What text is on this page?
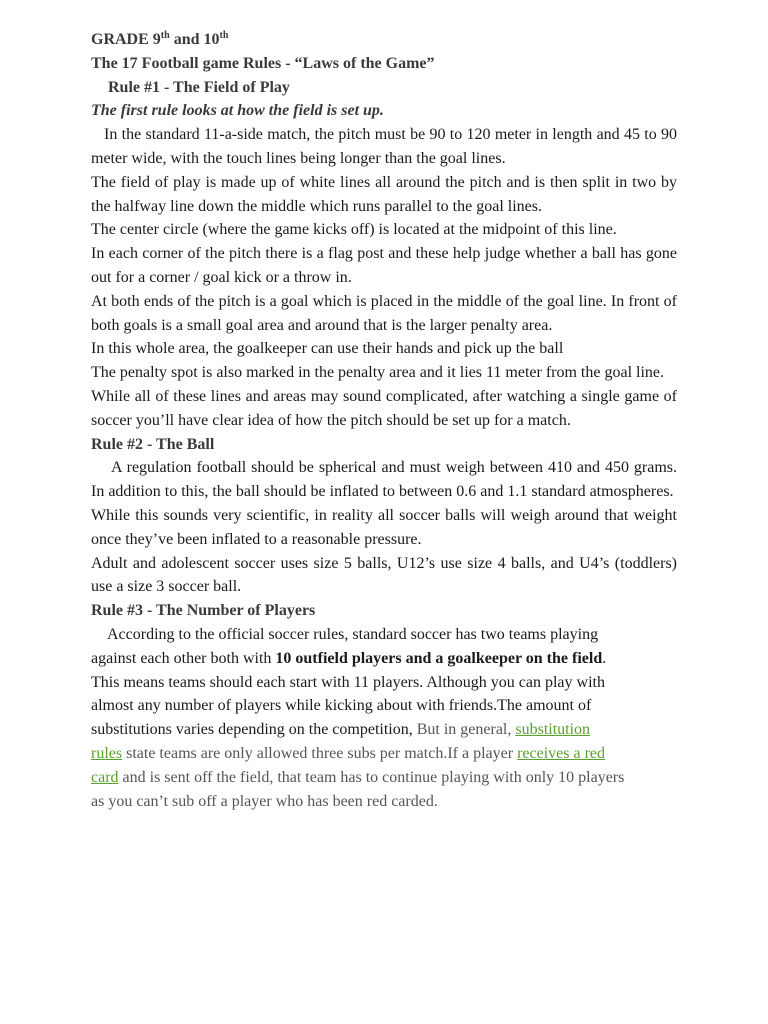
GRADE 9th and 10th
The 17 Football game Rules - “Laws of the Game”
Rule #1 - The Field of Play
The first rule looks at how the field is set up.
In the standard 11-a-side match, the pitch must be 90 to 120 meter in length and 45 to 90 meter wide, with the touch lines being longer than the goal lines.
The field of play is made up of white lines all around the pitch and is then split in two by the halfway line down the middle which runs parallel to the goal lines.
The center circle (where the game kicks off) is located at the midpoint of this line.
In each corner of the pitch there is a flag post and these help judge whether a ball has gone out for a corner / goal kick or a throw in.
At both ends of the pitch is a goal which is placed in the middle of the goal line. In front of both goals is a small goal area and around that is the larger penalty area.
In this whole area, the goalkeeper can use their hands and pick up the ball
The penalty spot is also marked in the penalty area and it lies 11 meter from the goal line.
While all of these lines and areas may sound complicated, after watching a single game of soccer you’ll have clear idea of how the pitch should be set up for a match.
Rule #2 - The Ball
A regulation football should be spherical and must weigh between 410 and 450 grams. In addition to this, the ball should be inflated to between 0.6 and 1.1 standard atmospheres.
While this sounds very scientific, in reality all soccer balls will weigh around that weight once they’ve been inflated to a reasonable pressure.
Adult and adolescent soccer uses size 5 balls, U12’s use size 4 balls, and U4’s (toddlers) use a size 3 soccer ball.
Rule #3 - The Number of Players
According to the official soccer rules, standard soccer has two teams playing
against each other both with 10 outfield players and a goalkeeper on the field.
This means teams should each start with 11 players. Although you can play with
almost any number of players while kicking about with friends.The amount of
substitutions varies depending on the competition, But in general, substitution
rules state teams are only allowed three subs per match.If a player receives a red
card and is sent off the field, that team has to continue playing with only 10 players
as you can’t sub off a player who has been red carded.
